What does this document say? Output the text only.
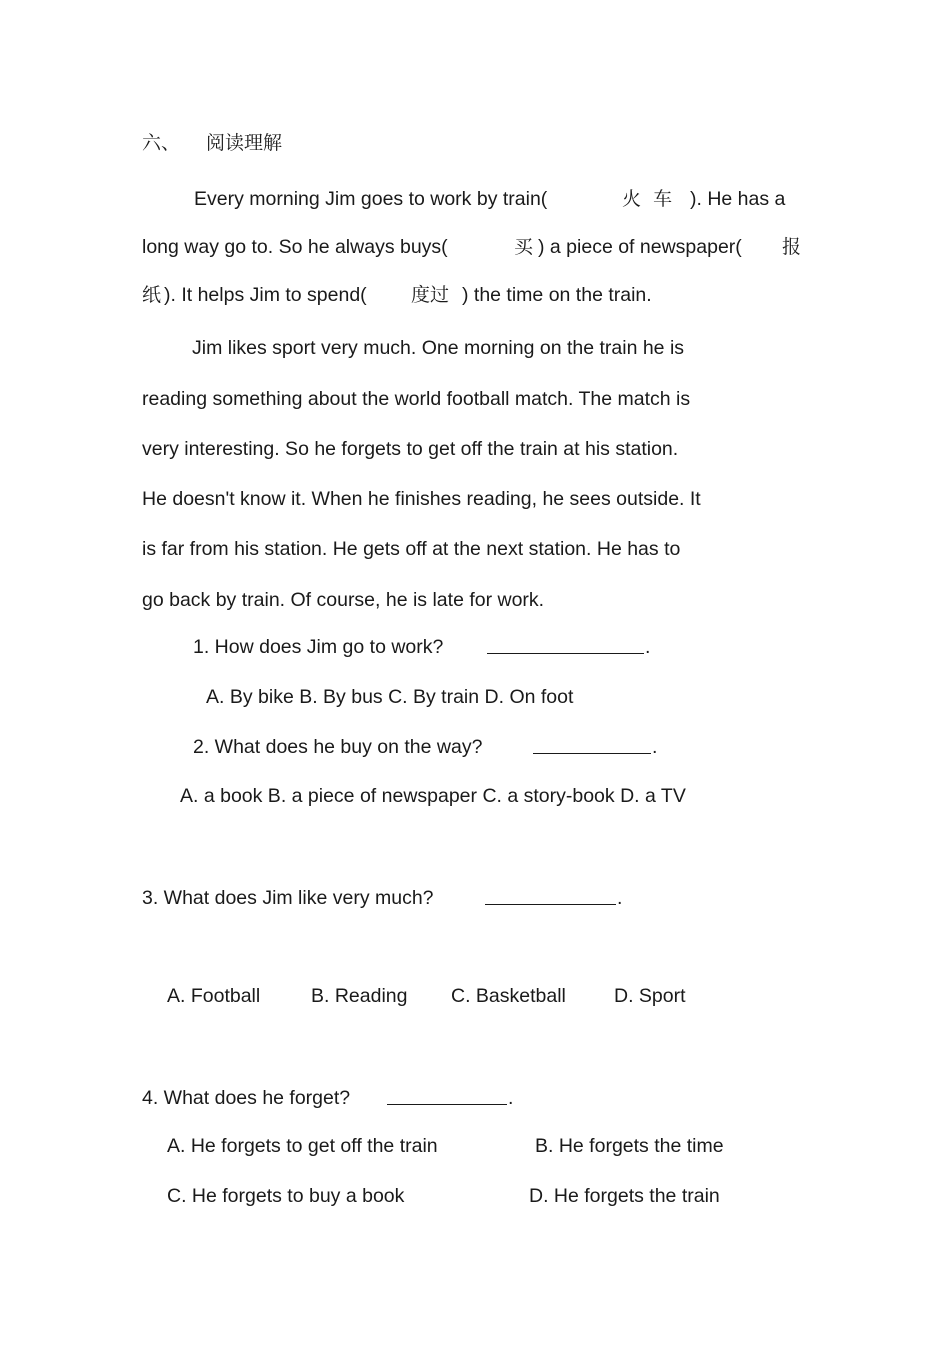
六、 阅读理解
Every morning Jim goes to work by train(	火  车 ). He has a
long way go to. So he always buys(	买 ) a piece of newspaper( 报
纸 ). It helps Jim to spend( 度过 ) the time on the train.
Jim likes sport very much. One morning on the train he is
reading something about the world football match. The match is
very interesting. So he forgets to get off the train at his station.
He doesn't know it. When he finishes reading, he sees outside. It
is far from his station. He gets off at the next station. He has to
go back by train. Of course, he is late for work.
1. How does Jim go to work?	.
A. By bike B. By bus C. By train D. On foot
2. What does he buy on the way?	.
A. a book B. a piece of newspaper C. a story-book D. a TV
3. What does Jim like very much?	.
A. Football	B. Reading C. Basketball D. Sport
4. What does he forget?	.
A. He forgets to get off the train	B. He forgets the time
C. He forgets to buy a book	D. He forgets the train
